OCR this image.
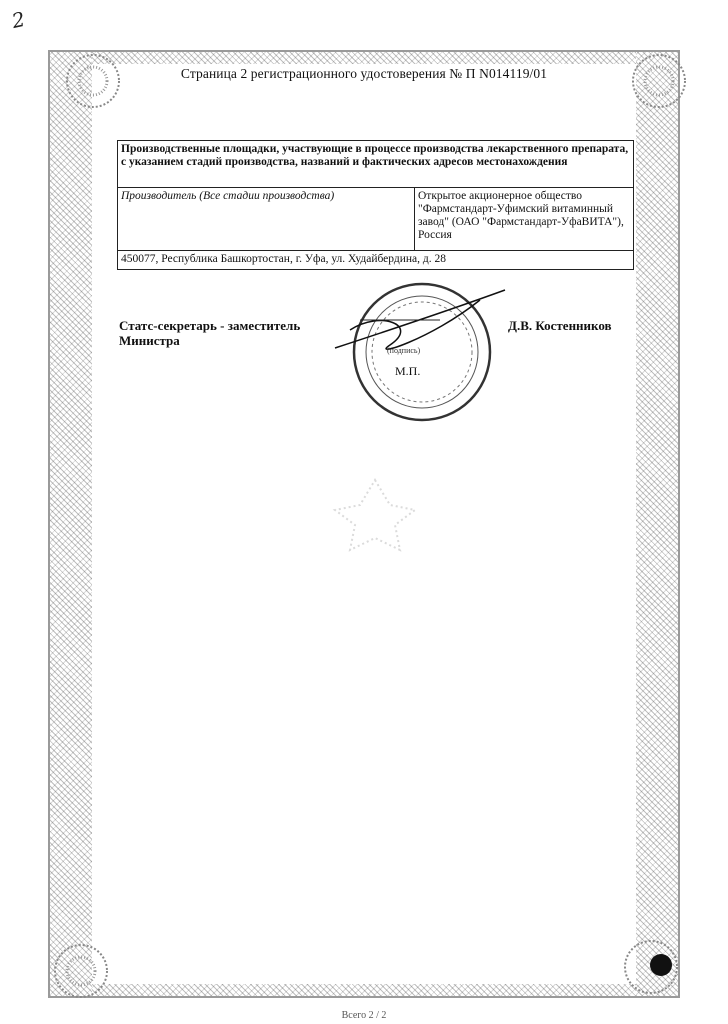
2
Страница 2 регистрационного удостоверения № П N014119/01
Производственные площадки, участвующие в процессе производства лекарственного препарата, с указанием стадий производства, названий и фактических адресов местонахождения
Производитель (Все стадии производства)	Открытое акционерное общество "Фармстандарт-Уфимский витаминный завод" (ОАО "Фармстандарт-УфаВИТА"), Россия
450077, Республика Башкортостан, г. Уфа, ул. Худайбердина, д. 28
Статс-секретарь - заместитель
Министра
(подпись)
М.П.
Д.В. Костенников
Всего 2 / 2
